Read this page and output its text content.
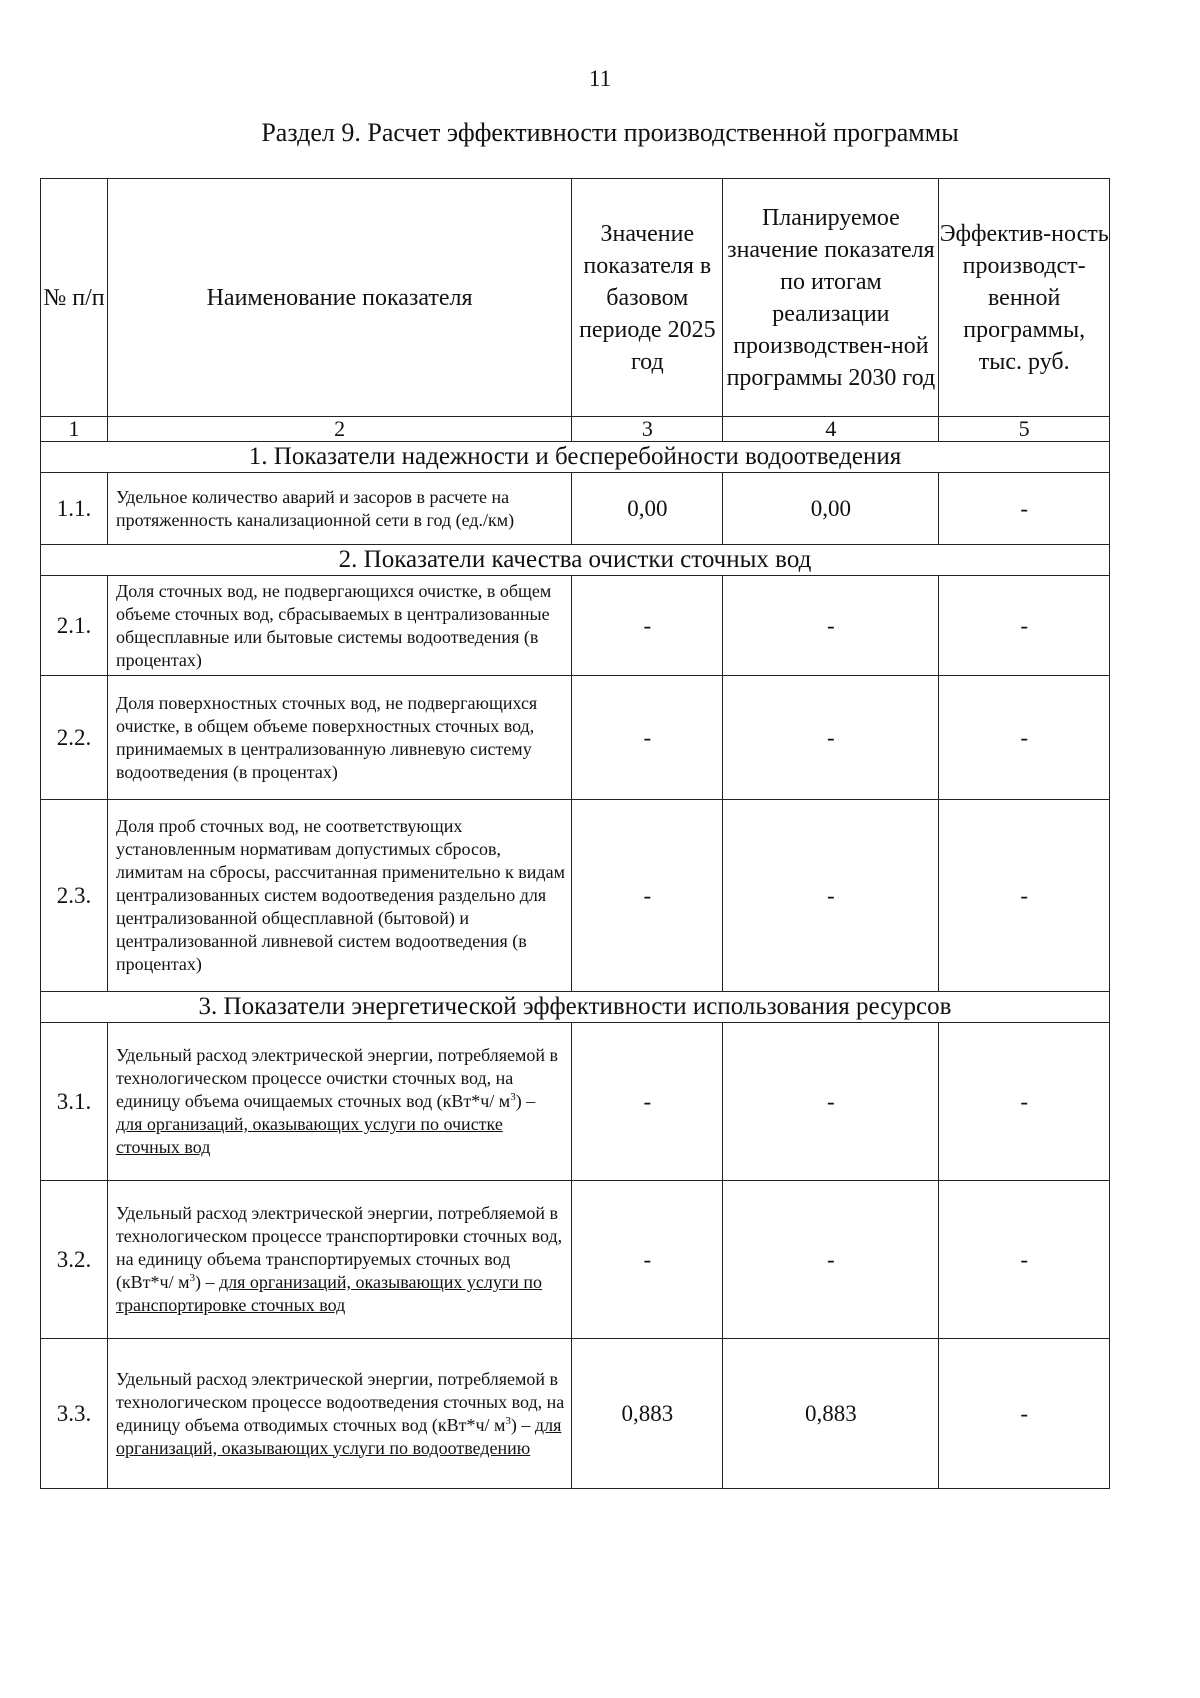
11
Раздел 9. Расчет эффективности производственной программы
№ п/п	Наименование показателя	Значение показателя в базовом периоде 2025 год	Планируемое значение показателя по итогам реализации производствен-ной программы 2030 год	Эффектив-ность производст-венной программы, тыс. руб.
1	2	3	4	5
1. Показатели надежности и бесперебойности водоотведения				
1.1.	Удельное количество аварий и засоров в расчете на протяженность канализационной сети в год (ед./км)	0,00	0,00	-
2. Показатели качества очистки сточных вод				
2.1.	Доля сточных вод, не подвергающихся очистке, в общем объеме сточных вод, сбрасываемых в централизованные общесплавные или бытовые системы водоотведения (в процентах)	-	-	-
2.2.	Доля поверхностных сточных вод, не подвергающихся очистке, в общем объеме поверхностных сточных вод, принимаемых в централизованную ливневую систему водоотведения (в процентах)	-	-	-
2.3.	Доля проб сточных вод, не соответствующих установленным нормативам допустимых сбросов, лимитам на сбросы, рассчитанная применительно к видам централизованных систем водоотведения раздельно для централизованной общесплавной (бытовой) и централизованной ливневой систем водоотведения (в процентах)	-	-	-
3. Показатели энергетической эффективности использования ресурсов				
3.1.	Удельный расход электрической энергии, потребляемой в технологическом процессе очистки сточных вод, на единицу объема очищаемых сточных вод (кВт*ч/ $м^3$) – для организаций, оказывающих услуги по очистке сточных вод	-	-	-
3.2.	Удельный расход электрической энергии, потребляемой в технологическом процессе транспортировки сточных вод, на единицу объема транспортируемых сточных вод (кВт*ч/ $м^3$) – для организаций, оказывающих услуги по транспортировке сточных вод	-	-	-
3.3.	Удельный расход электрической энергии, потребляемой в технологическом процессе водоотведения сточных вод, на единицу объема отводимых сточных вод (кВт*ч/ $м^3$) – для организаций, оказывающих услуги по водоотведению	0,883	0,883	-
